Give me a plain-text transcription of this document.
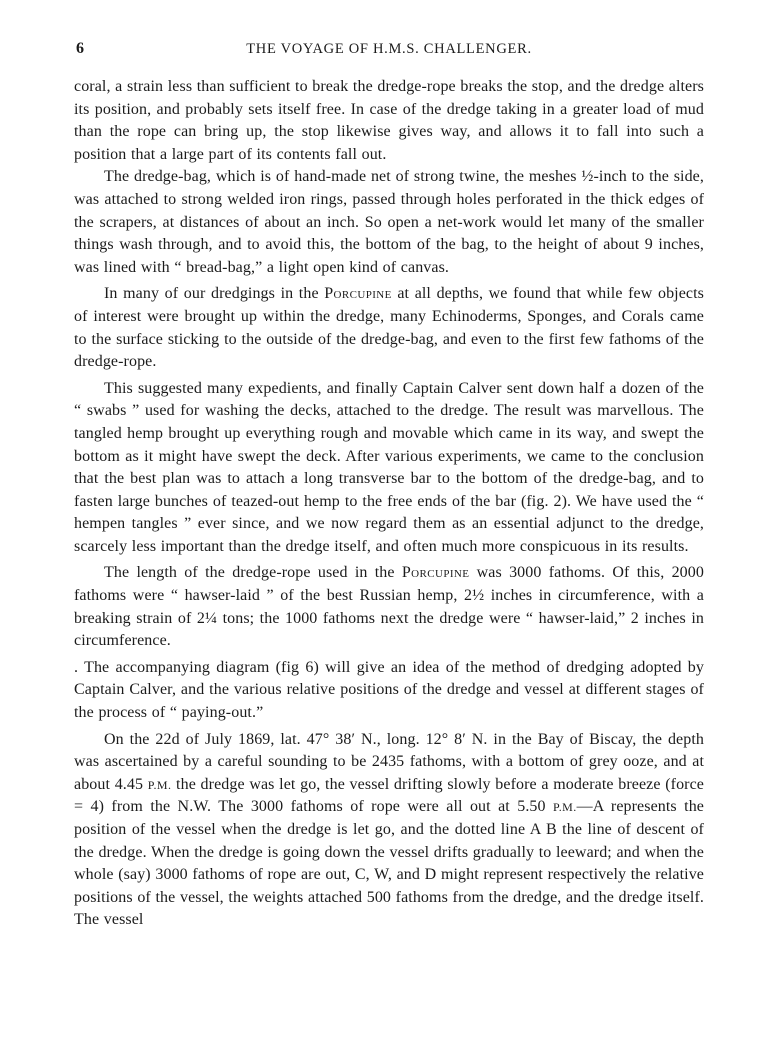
6	THE VOYAGE OF H.M.S. CHALLENGER.

coral, a strain less than sufficient to break the dredge-rope breaks the stop, and the dredge alters its position, and probably sets itself free. In case of the dredge taking in a greater load of mud than the rope can bring up, the stop likewise gives way, and allows it to fall into such a position that a large part of its contents fall out.

The dredge-bag, which is of hand-made net of strong twine, the meshes ½-inch to the side, was attached to strong welded iron rings, passed through holes perforated in the thick edges of the scrapers, at distances of about an inch. So open a net-work would let many of the smaller things wash through, and to avoid this, the bottom of the bag, to the height of about 9 inches, was lined with “ bread-bag,” a light open kind of canvas.

In many of our dredgings in the Porcupine at all depths, we found that while few objects of interest were brought up within the dredge, many Echinoderms, Sponges, and Corals came to the surface sticking to the outside of the dredge-bag, and even to the first few fathoms of the dredge-rope.

This suggested many expedients, and finally Captain Calver sent down half a dozen of the “ swabs ” used for washing the decks, attached to the dredge. The result was marvellous. The tangled hemp brought up everything rough and movable which came in its way, and swept the bottom as it might have swept the deck. After various experiments, we came to the conclusion that the best plan was to attach a long transverse bar to the bottom of the dredge-bag, and to fasten large bunches of teazed-out hemp to the free ends of the bar (fig. 2). We have used the “ hempen tangles ” ever since, and we now regard them as an essential adjunct to the dredge, scarcely less important than the dredge itself, and often much more conspicuous in its results.

The length of the dredge-rope used in the Porcupine was 3000 fathoms. Of this, 2000 fathoms were “ hawser-laid ” of the best Russian hemp, 2½ inches in circumference, with a breaking strain of 2¼ tons; the 1000 fathoms next the dredge were “ hawser-laid,” 2 inches in circumference.

. The accompanying diagram (fig 6) will give an idea of the method of dredging adopted by Captain Calver, and the various relative positions of the dredge and vessel at different stages of the process of “ paying-out.”

On the 22d of July 1869, lat. 47° 38′ N., long. 12° 8′ N. in the Bay of Biscay, the depth was ascertained by a careful sounding to be 2435 fathoms, with a bottom of grey ooze, and at about 4.45 P.M. the dredge was let go, the vessel drifting slowly before a moderate breeze (force = 4) from the N.W. The 3000 fathoms of rope were all out at 5.50 P.M.—A represents the position of the vessel when the dredge is let go, and the dotted line A B the line of descent of the dredge. When the dredge is going down the vessel drifts gradually to leeward; and when the whole (say) 3000 fathoms of rope are out, C, W, and D might represent respectively the relative positions of the vessel, the weights attached 500 fathoms from the dredge, and the dredge itself. The vessel
